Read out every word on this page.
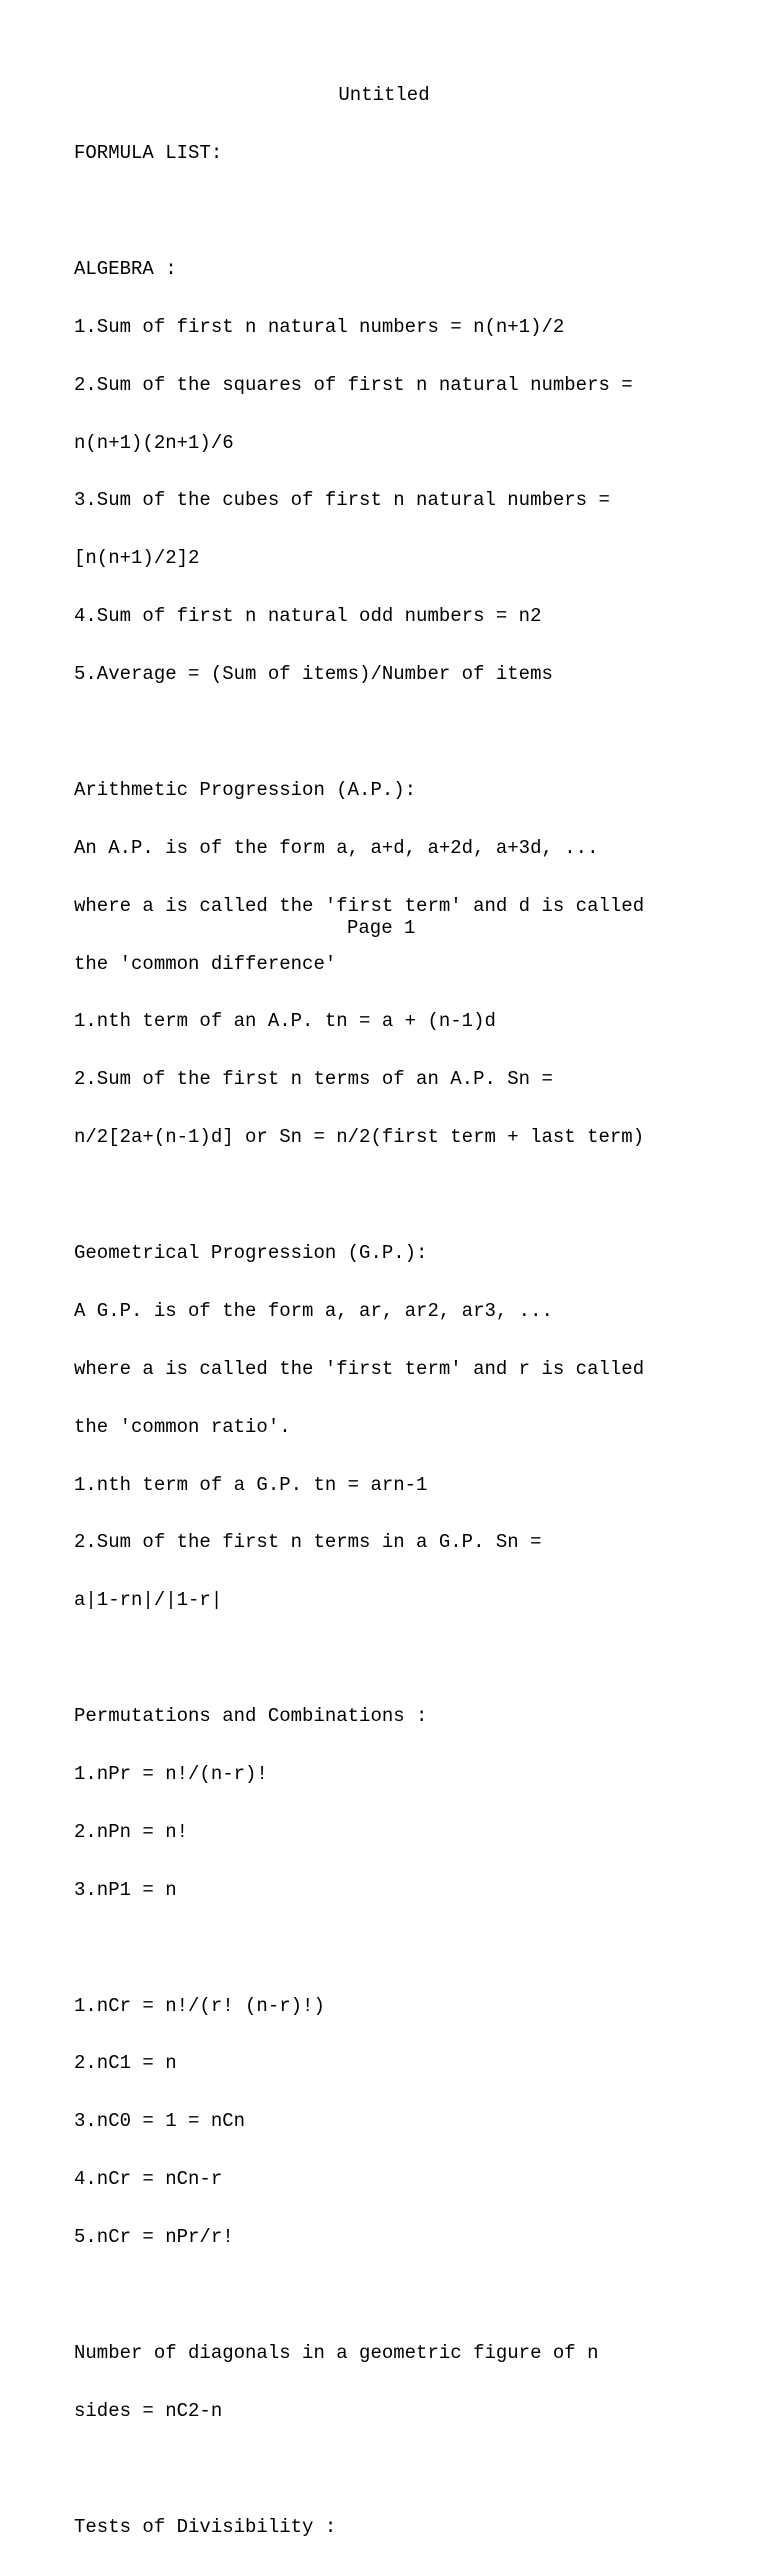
Untitled

FORMULA LIST:

ALGEBRA :

1.Sum of first n natural numbers = n(n+1)/2

2.Sum of the squares of first n natural numbers =

n(n+1)(2n+1)/6

3.Sum of the cubes of first n natural numbers =

[n(n+1)/2]2

4.Sum of first n natural odd numbers = n2

5.Average = (Sum of items)/Number of items

Arithmetic Progression (A.P.):

An A.P. is of the form a, a+d, a+2d, a+3d, ...

where a is called the 'first term' and d is called

the 'common difference'

1.nth term of an A.P. tn = a + (n-1)d

2.Sum of the first n terms of an A.P. Sn =

n/2[2a+(n-1)d] or Sn = n/2(first term + last term)

Geometrical Progression (G.P.):

A G.P. is of the form a, ar, ar2, ar3, ...

where a is called the 'first term' and r is called

the 'common ratio'.

1.nth term of a G.P. tn = arn-1

2.Sum of the first n terms in a G.P. Sn =

a|1-rn|/|1-r|

Permutations and Combinations :

1.nPr = n!/(n-r)!

2.nPn = n!

3.nP1 = n

1.nCr = n!/(r! (n-r)!)

2.nC1 = n

3.nC0 = 1 = nCn

4.nCr = nCn-r

5.nCr = nPr/r!

Number of diagonals in a geometric figure of n

sides = nC2-n

Tests of Divisibility :

Page 1
